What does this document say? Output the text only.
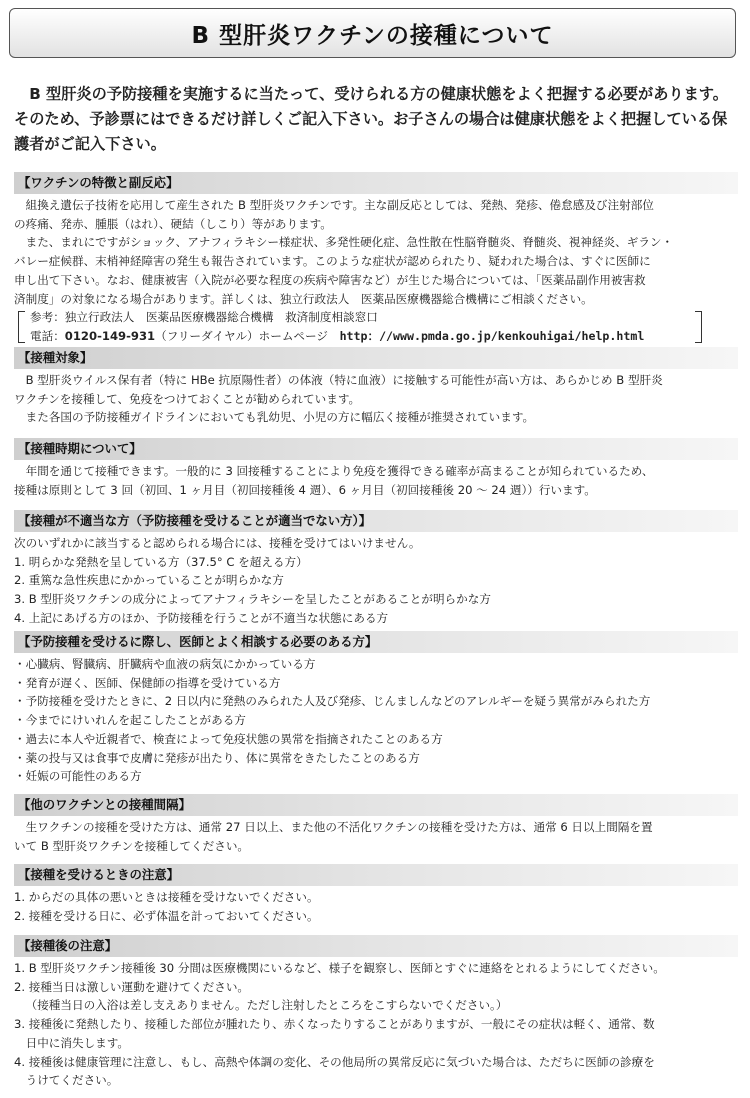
B 型肝炎ワクチンの接種について

B 型肝炎の予防接種を実施するに当たって、受けられる方の健康状態をよく把握する必要があります。そのため、予診票にはできるだけ詳しくご記入下さい。お子さんの場合は健康状態をよく把握している保護者がご記入下さい。

【ワクチンの特徴と副反応】
組換え遺伝子技術を応用して産生された B 型肝炎ワクチンです。主な副反応としては、発熱、発疹、倦怠感及び注射部位
の疼痛、発赤、腫脹（はれ）、硬結（しこり）等があります。
また、まれにですがショック、アナフィラキシー様症状、多発性硬化症、急性散在性脳脊髄炎、脊髄炎、視神経炎、ギラン・
バレー症候群、末梢神経障害の発生も報告されています。このような症状が認められたり、疑われた場合は、すぐに医師に
申し出て下さい。なお、健康被害（入院が必要な程度の疾病や障害など）が生じた場合については、「医薬品副作用被害救
済制度」の対象になる場合があります。詳しくは、独立行政法人　医薬品医療機器総合機構にご相談ください。
参考：独立行政法人　医薬品医療機器総合機構　救済制度相談窓口
電話：0120-149-931（フリーダイヤル）ホームページ　http：//www.pmda.go.jp/kenkouhigai/help.html
【接種対象】
B 型肝炎ウイルス保有者（特に HBe 抗原陽性者）の体液（特に血液）に接触する可能性が高い方は、あらかじめ B 型肝炎
ワクチンを接種して、免疫をつけておくことが勧められています。
また各国の予防接種ガイドラインにおいても乳幼児、小児の方に幅広く接種が推奨されています。
【接種時期について】
年間を通じて接種できます。一般的に 3 回接種することにより免疫を獲得できる確率が高まることが知られているため、
接種は原則として 3 回（初回、1 ヶ月目（初回接種後 4 週）、6 ヶ月目（初回接種後 20 ～ 24 週））行います。
【接種が不適当な方（予防接種を受けることが適当でない方）】
次のいずれかに該当すると認められる場合には、接種を受けてはいけません。
1. 明らかな発熱を呈している方（37.5° C を超える方）
2. 重篤な急性疾患にかかっていることが明らかな方
3. B 型肝炎ワクチンの成分によってアナフィラキシーを呈したことがあることが明らかな方
4. 上記にあげる方のほか、予防接種を行うことが不適当な状態にある方
【予防接種を受けるに際し、医師とよく相談する必要のある方】
・心臓病、腎臓病、肝臓病や血液の病気にかかっている方
・発育が遅く、医師、保健師の指導を受けている方
・予防接種を受けたときに、2 日以内に発熱のみられた人及び発疹、じんましんなどのアレルギーを疑う異常がみられた方
・今までにけいれんを起こしたことがある方
・過去に本人や近親者で、検査によって免疫状態の異常を指摘されたことのある方
・薬の投与又は食事で皮膚に発疹が出たり、体に異常をきたしたことのある方
・妊娠の可能性のある方
【他のワクチンとの接種間隔】
生ワクチンの接種を受けた方は、通常 27 日以上、また他の不活化ワクチンの接種を受けた方は、通常 6 日以上間隔を置
いて B 型肝炎ワクチンを接種してください。
【接種を受けるときの注意】
1. からだの具体の悪いときは接種を受けないでください。
2. 接種を受ける日に、必ず体温を計っておいてください。
【接種後の注意】
1. B 型肝炎ワクチン接種後 30 分間は医療機関にいるなど、様子を観察し、医師とすぐに連絡をとれるようにしてください。
2. 接種当日は激しい運動を避けてください。
（接種当日の入浴は差し支えありません。ただし注射したところをこすらないでください。）
3. 接種後に発熱したり、接種した部位が腫れたり、赤くなったりすることがありますが、一般にその症状は軽く、通常、数
日中に消失します。
4. 接種後は健康管理に注意し、もし、高熱や体調の変化、その他局所の異常反応に気づいた場合は、ただちに医師の診療を
うけてください。
